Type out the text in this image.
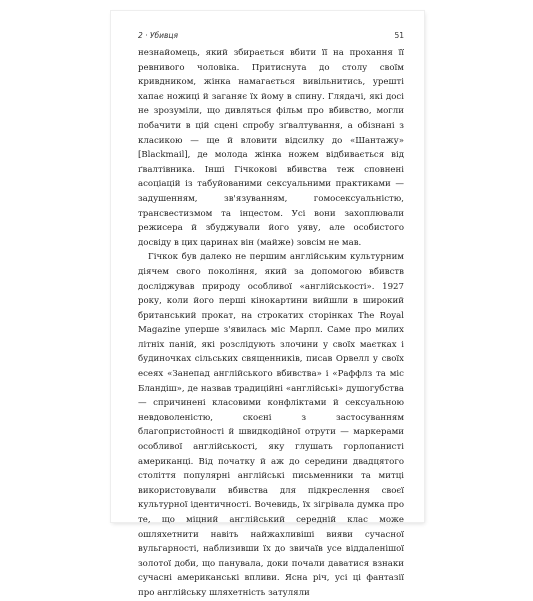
2 · Убивця	51

незнайомець, який збирається вбити її на прохання її ревнивого чоловіка. Притиснута до столу своїм кривдником, жінка намагається вивільнитись, урешті хапає ножиці й заганяє їх йому в спину. Глядачі, які досі не зрозуміли, що дивляться фільм про вбивство, могли побачити в цій сцені спробу зґвалтування, а обізнані з класикою — ще й вловити відсилку до «Шантажу» [Blackmail], де молода жінка ножем відбивається від ґвалтівника. Інші Гічкокові вбивства теж сповнені асоціацій із табуйованими сексуальними практиками — задушенням, зв'язуванням, гомосексуальністю, трансвестизмом та інцестом. Усі вони захоплювали режисера й збуджували його уяву, але особистого досвіду в цих царинах він (майже) зовсім не мав.

Гічкок був далеко не першим англійським культурним діячем свого покоління, який за допомогою вбивств досліджував природу особливої «англійськості». 1927 року, коли його перші кінокартини вийшли в широкий британський прокат, на строкатих сторінках The Royal Magazine уперше з'явилась міс Марпл. Саме про милих літніх паній, які розслідують злочини у своїх маєтках і будиночках сільських священників, писав Орвелл у своїх есеях «Занепад англійського вбивства» і «Раффлз та міс Бландіш», де назвав традиційні «англійські» душогубства — спричинені класовими конфліктами й сексуальною невдоволеністю, скоєні з застосуванням благопристойності й швидкодійної отрути — маркерами особливої англійськості, яку глушать горлопанисті американці. Від початку й аж до середини двадцятого століття популярні англійські письменники та митці використовували вбивства для підкреслення своєї культурної ідентичності. Вочевидь, їх зігрівала думка про те, що міцний англійський середній клас може ошляхетнити навіть найжахливіші вияви сучасної вульгарності, наблизивши їх до звичаїв усе віддаленішої золотої доби, що панувала, доки почали даватися взнаки сучасні американські впливи. Ясна річ, усі ці фантазії про англійську шляхетність затуляли
